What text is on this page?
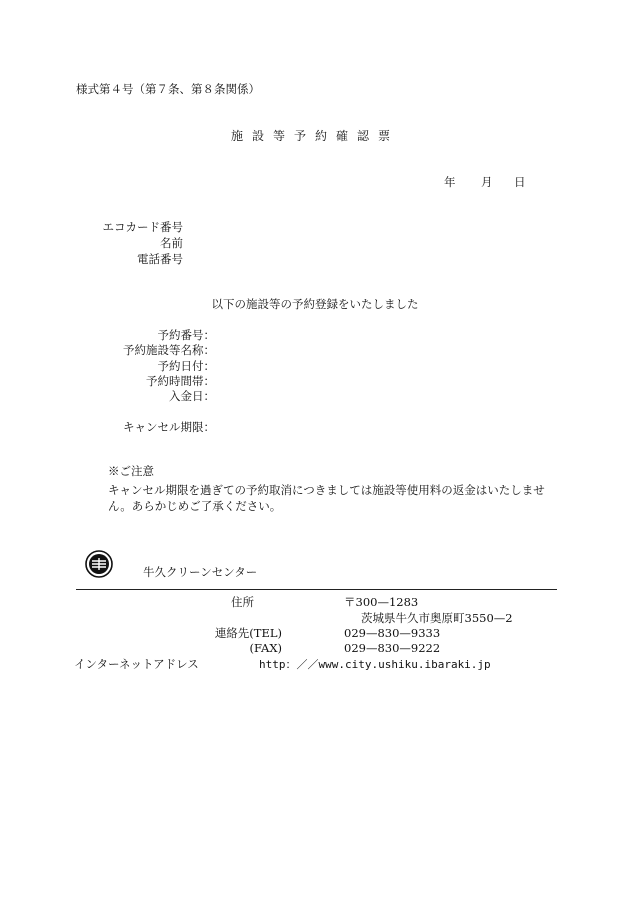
様式第４号（第７条、第８条関係）
施設等予約確認票
年 月 日
エコカード番号
名前
電話番号
以下の施設等の予約登録をいたしました
予約番号：
予約施設等名称：
予約日付：
予約時間帯：
入金日：
キャンセル期限：
※ご注意
キャンセル期限を過ぎての予約取消につきましては施設等使用料の返金はいたしません。あらかじめご了承ください。
牛久クリーンセンター
住所	〒300—1283
茨城県牛久市奥原町3550—2
連絡先(TEL)	029—830—9333
(FAX)	029—830—9222
インターネットアドレス	http：／／www.city.ushiku.ibaraki.jp
